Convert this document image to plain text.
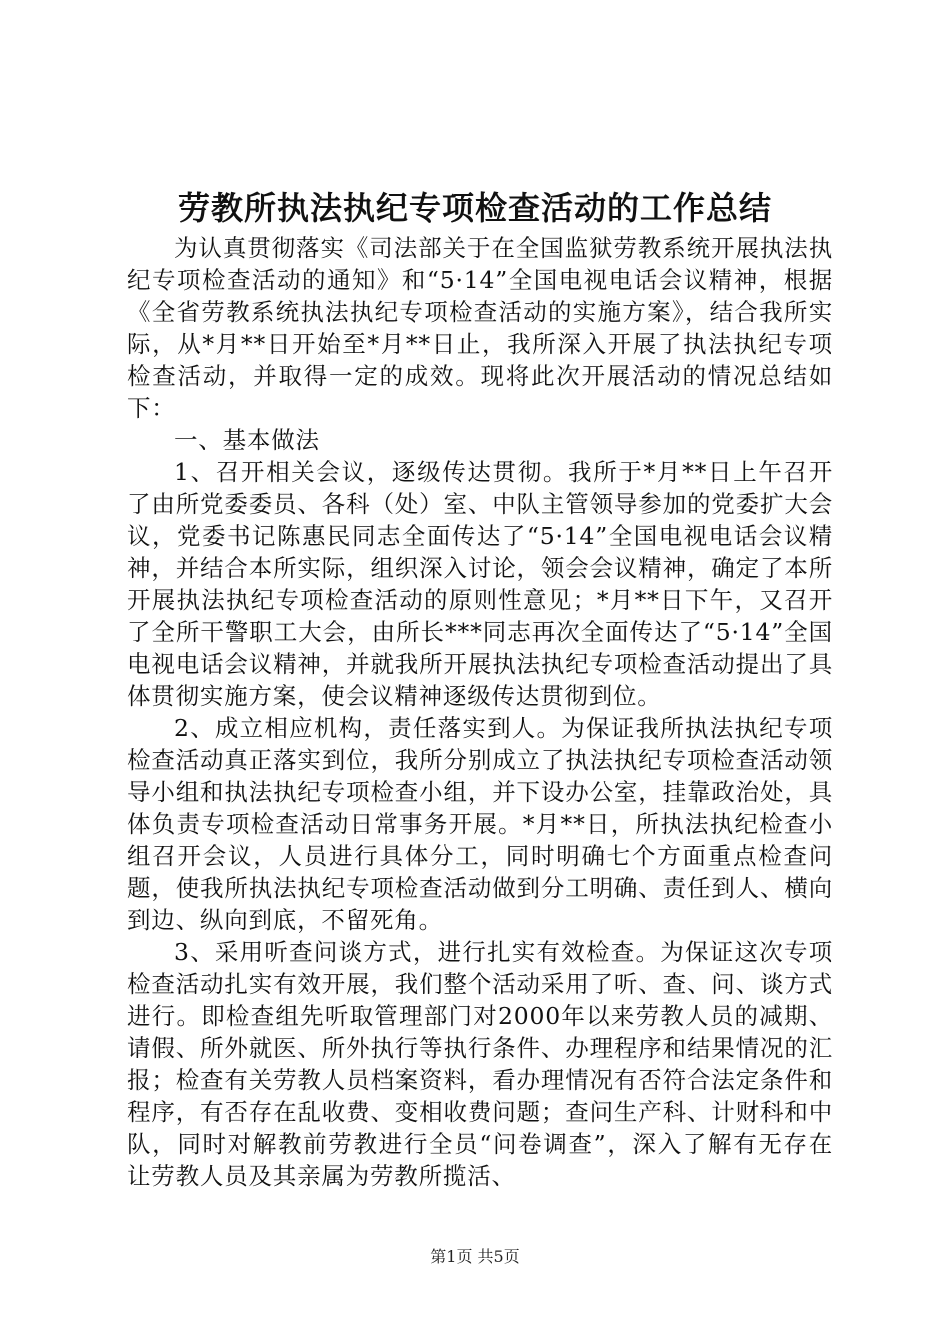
劳教所执法执纪专项检查活动的工作总结

为认真贯彻落实《司法部关于在全国监狱劳教系统开展执法执纪专项检查活动的通知》和“5·14”全国电视电话会议精神，根据《全省劳教系统执法执纪专项检查活动的实施方案》，结合我所实际，从*月**日开始至*月**日止，我所深入开展了执法执纪专项检查活动，并取得一定的成效。现将此次开展活动的情况总结如下：

一、基本做法

1、召开相关会议，逐级传达贯彻。我所于*月**日上午召开了由所党委委员、各科（处）室、中队主管领导参加的党委扩大会议，党委书记陈惠民同志全面传达了“5·14”全国电视电话会议精神，并结合本所实际，组织深入讨论，领会会议精神，确定了本所开展执法执纪专项检查活动的原则性意见；*月**日下午，又召开了全所干警职工大会，由所长***同志再次全面传达了“5·14”全国电视电话会议精神，并就我所开展执法执纪专项检查活动提出了具体贯彻实施方案，使会议精神逐级传达贯彻到位。

2、成立相应机构，责任落实到人。为保证我所执法执纪专项检查活动真正落实到位，我所分别成立了执法执纪专项检查活动领导小组和执法执纪专项检查小组，并下设办公室，挂靠政治处，具体负责专项检查活动日常事务开展。*月**日，所执法执纪检查小组召开会议，人员进行具体分工，同时明确七个方面重点检查问题，使我所执法执纪专项检查活动做到分工明确、责任到人、横向到边、纵向到底，不留死角。

3、采用听查问谈方式，进行扎实有效检查。为保证这次专项检查活动扎实有效开展，我们整个活动采用了听、查、问、谈方式进行。即检查组先听取管理部门对2000年以来劳教人员的减期、请假、所外就医、所外执行等执行条件、办理程序和结果情况的汇报；检查有关劳教人员档案资料，看办理情况有否符合法定条件和程序，有否存在乱收费、变相收费问题；查问生产科、计财科和中队，同时对解教前劳教进行全员“问卷调查”，深入了解有无存在让劳教人员及其亲属为劳教所揽活、

第1页 共5页
